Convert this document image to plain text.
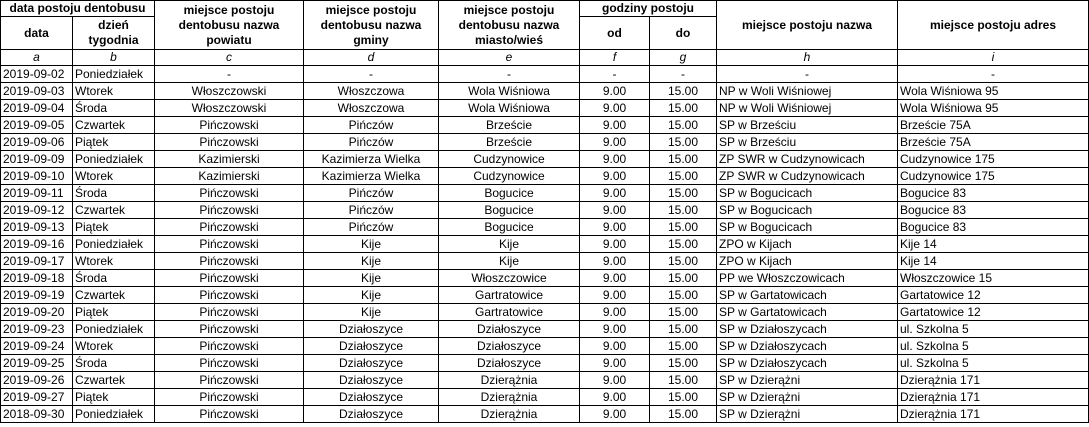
data postoju dentobusu		miejsce postoju dentobusu nazwa powiatu	miejsce postoju dentobusu nazwa gminy	miejsce postoju dentobusu nazwa miasto/wieś	godziny postoju		miejsce postoju nazwa	miejsce postoju adres
data	dzień tygodnia				od	do		
a	b	c	d	e	f	g	h	i
2019-09-02	Poniedziałek	-	-	-	-	-	-	-
2019-09-03	Wtorek	Włoszczowski	Włoszczowa	Wola Wiśniowa	9.00	15.00	NP w Woli Wiśniowej	Wola Wiśniowa 95
2019-09-04	Środa	Włoszczowski	Włoszczowa	Wola Wiśniowa	9.00	15.00	NP w Woli Wiśniowej	Wola Wiśniowa 95
2019-09-05	Czwartek	Pińczowski	Pińczów	Brzeście	9.00	15.00	SP w Brześciu	Brzeście 75A
2019-09-06	Piątek	Pińczowski	Pińczów	Brzeście	9.00	15.00	SP w Brześciu	Brzeście 75A
2019-09-09	Poniedziałek	Kazimierski	Kazimierza Wielka	Cudzynowice	9.00	15.00	ZP SWR w Cudzynowicach	Cudzynowice 175
2019-09-10	Wtorek	Kazimierski	Kazimierza Wielka	Cudzynowice	9.00	15.00	ZP SWR w Cudzynowicach	Cudzynowice 175
2019-09-11	Środa	Pińczowski	Pińczów	Bogucice	9.00	15.00	SP w Bogucicach	Bogucice 83
2019-09-12	Czwartek	Pińczowski	Pińczów	Bogucice	9.00	15.00	SP w Bogucicach	Bogucice 83
2019-09-13	Piątek	Pińczowski	Pińczów	Bogucice	9.00	15.00	SP w Bogucicach	Bogucice 83
2019-09-16	Poniedziałek	Pińczowski	Kije	Kije	9.00	15.00	ZPO w Kijach	Kije 14
2019-09-17	Wtorek	Pińczowski	Kije	Kije	9.00	15.00	ZPO w Kijach	Kije 14
2019-09-18	Środa	Pińczowski	Kije	Włoszczowice	9.00	15.00	PP we Włoszczowicach	Włoszczowice 15
2019-09-19	Czwartek	Pińczowski	Kije	Gartratowice	9.00	15.00	SP w Gartatowicach	Gartatowice 12
2019-09-20	Piątek	Pińczowski	Kije	Gartratowice	9.00	15.00	SP w Gartatowicach	Gartatowice 12
2019-09-23	Poniedziałek	Pińczowski	Działoszyce	Działoszyce	9.00	15.00	SP w Działoszycach	ul. Szkolna 5
2019-09-24	Wtorek	Pińczowski	Działoszyce	Działoszyce	9.00	15.00	SP w Działoszycach	ul. Szkolna 5
2019-09-25	Środa	Pińczowski	Działoszyce	Działoszyce	9.00	15.00	SP w Działoszycach	ul. Szkolna 5
2019-09-26	Czwartek	Pińczowski	Działoszyce	Dzierążnia	9.00	15.00	SP w Dzierążni	Dzierążnia 171
2019-09-27	Piątek	Pińczowski	Działoszyce	Dzierążnia	9.00	15.00	SP w Dzierążni	Dzierążnia 171
2018-09-30	Poniedziałek	Pińczowski	Działoszyce	Dzierążnia	9.00	15.00	SP w Dzierążni	Dzierążnia 171
